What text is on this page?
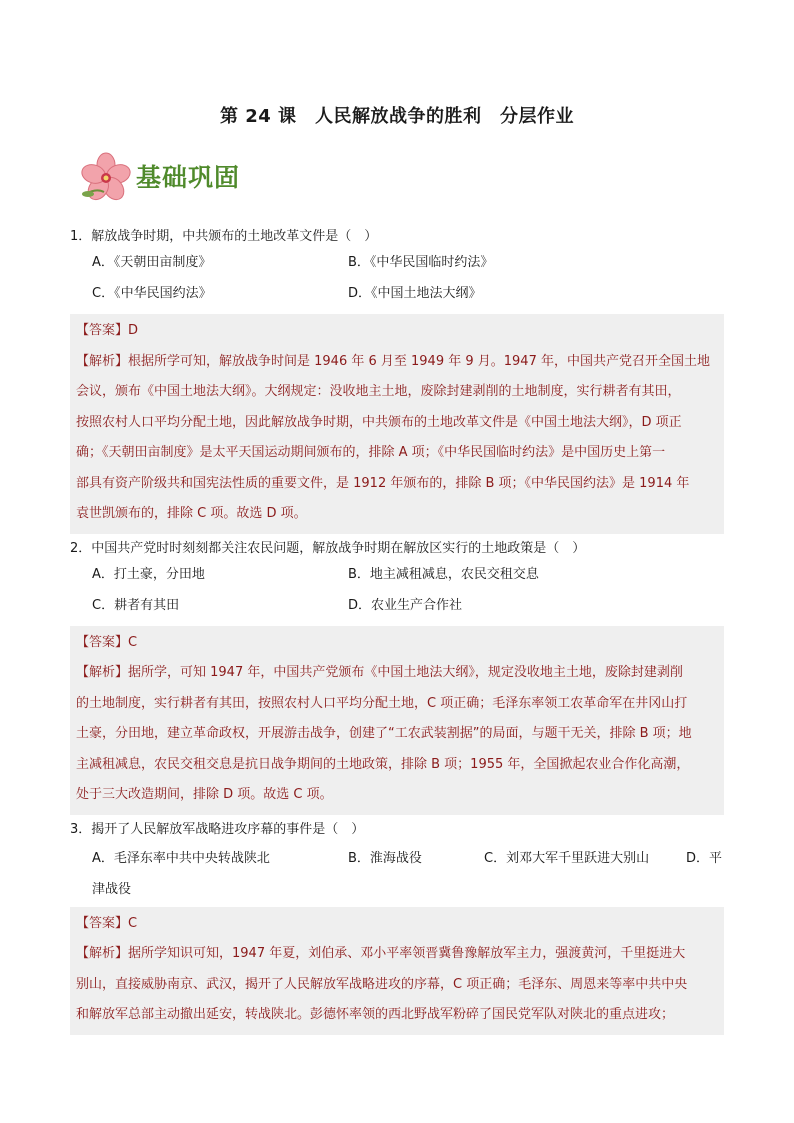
第 24 课　人民解放战争的胜利　分层作业
基础巩固
1．解放战争时期，中共颁布的土地改革文件是（　）
A．《天朝田亩制度》	B．《中华民国临时约法》
C．《中华民国约法》	D．《中国土地法大纲》
【答案】D
【解析】根据所学可知，解放战争时间是 1946 年 6 月至 1949 年 9 月。1947 年，中国共产党召开全国土地
会议，颁布《中国土地法大纲》。大纲规定：没收地主土地，废除封建剥削的土地制度，实行耕者有其田，
按照农村人口平均分配土地，因此解放战争时期，中共颁布的土地改革文件是《中国土地法大纲》，D 项正
确；《天朝田亩制度》是太平天国运动期间颁布的，排除 A 项；《中华民国临时约法》是中国历史上第一
部具有资产阶级共和国宪法性质的重要文件，是 1912 年颁布的，排除 B 项；《中华民国约法》是 1914 年
袁世凯颁布的，排除 C 项。故选 D 项。
2．中国共产党时时刻刻都关注农民问题，解放战争时期在解放区实行的土地政策是（　）
A．打土豪，分田地	B．地主减租减息，农民交租交息
C．耕者有其田	D．农业生产合作社
【答案】C
【解析】据所学，可知 1947 年，中国共产党颁布《中国土地法大纲》，规定没收地主土地，废除封建剥削
的土地制度，实行耕者有其田，按照农村人口平均分配土地，C 项正确；毛泽东率领工农革命军在井冈山打
土豪，分田地，建立革命政权，开展游击战争，创建了“工农武装割据”的局面，与题干无关，排除 B 项；地
主减租减息，农民交租交息是抗日战争期间的土地政策，排除 B 项；1955 年，全国掀起农业合作化高潮，
处于三大改造期间，排除 D 项。故选 C 项。
3．揭开了人民解放军战略进攻序幕的事件是（　）
A．毛泽东率中共中央转战陕北	B．淮海战役	C．刘邓大军千里跃进大别山	D．平
津战役
【答案】C
【解析】据所学知识可知，1947 年夏，刘伯承、邓小平率领晋冀鲁豫解放军主力，强渡黄河，千里挺进大
别山，直接威胁南京、武汉，揭开了人民解放军战略进攻的序幕，C 项正确；毛泽东、周恩来等率中共中央
和解放军总部主动撤出延安，转战陕北。彭德怀率领的西北野战军粉碎了国民党军队对陕北的重点进攻；
